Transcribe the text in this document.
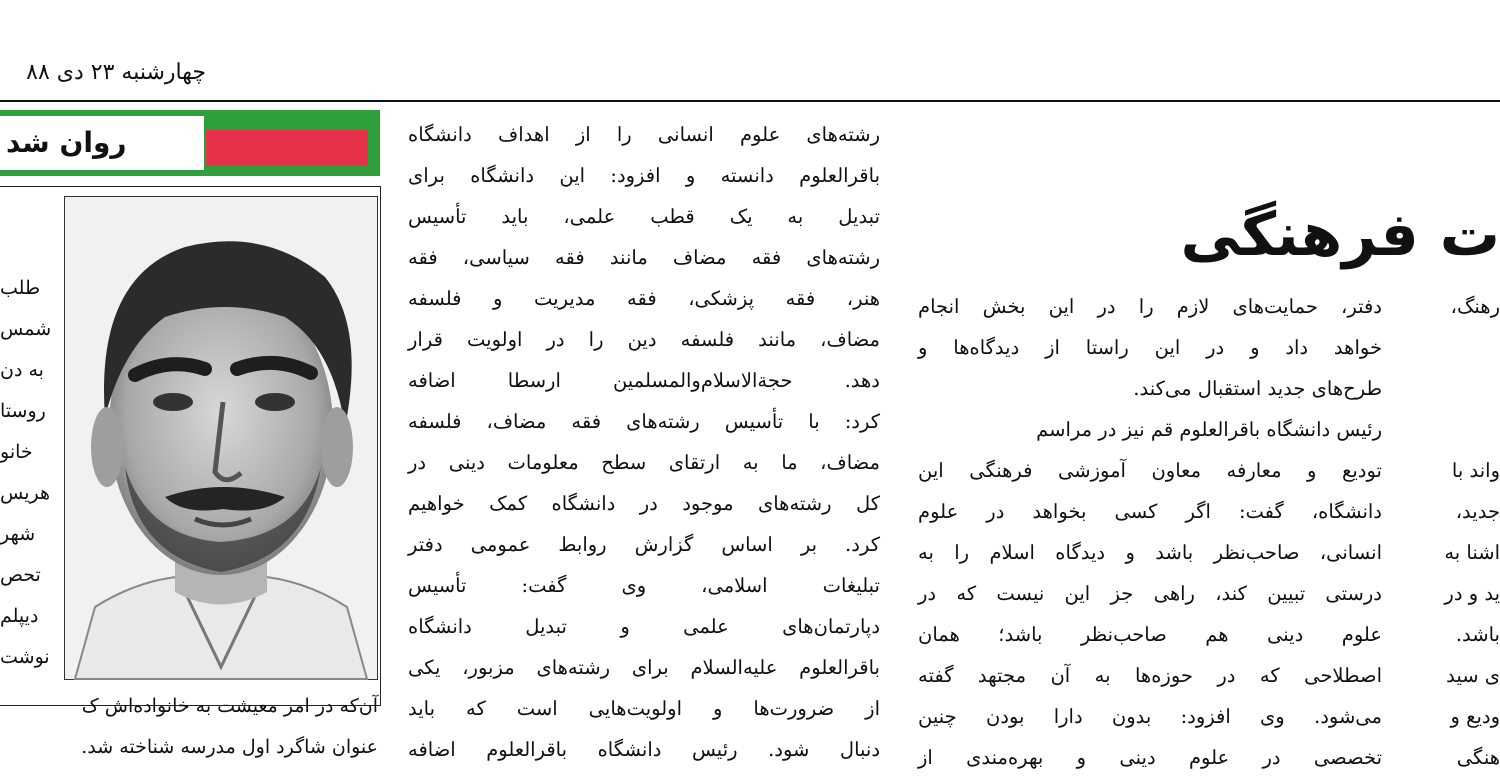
چهارشنبه ۲۳ دی ۸۸
روان شد
طلب
شمس
به دن
روستا
خانو
هریس
شهر
تحص
دیپلم
نوشت
آن‌که در امر معیشت به خانواده‌اش ک
عنوان شاگرد اول مدرسه شناخته شد.
ت فرهنگی
رشته‌های علوم انسانی را از اهداف دانشگاه
باقرالعلوم دانسته و افزود: این دانشگاه برای
تبدیل به یک قطب علمی، باید تأسیس
رشته‌های فقه مضاف مانند فقه سیاسی، فقه
هنر، فقه پزشکی، فقه مدیریت و فلسفه
مضاف، مانند فلسفه دین را در اولویت قرار
دهد. حجةالاسلام‌والمسلمین ارسطا اضافه
کرد: با تأسیس رشته‌های فقه مضاف، فلسفه
مضاف، ما به ارتقای سطح معلومات دینی در
کل رشته‌های موجود در دانشگاه کمک خواهیم
کرد. بر اساس گزارش روابط عمومی دفتر
تبلیغات اسلامی، وی گفت: تأسیس
دپارتمان‌های علمی و تبدیل دانشگاه
باقرالعلوم علیه‌السلام برای رشته‌های مزبور، یکی
از ضرورت‌ها و اولویت‌هایی است که باید
دنبال شود. رئیس دانشگاه باقرالعلوم اضافه
دفتر، حمایت‌های لازم را در این بخش انجام
خواهد داد و در این راستا از دیدگاه‌ها و
طرح‌های جدید استقبال می‌کند.
رئیس دانشگاه باقرالعلوم قم نیز در مراسم
تودیع و معارفه معاون آموزشی فرهنگی این
دانشگاه، گفت: اگر کسی بخواهد در علوم
انسانی، صاحب‌نظر باشد و دیدگاه اسلام را به
درستی تبیین کند، راهی جز این نیست که در
علوم دینی هم صاحب‌نظر باشد؛ همان
اصطلاحی که در حوزه‌ها به آن مجتهد گفته
می‌شود. وی افزود: بدون دارا بودن چنین
تخصصی در علوم دینی و بهره‌مندی از
رهنگ،
واند با
جدید،
اشنا به
ید و در
باشد.
ی سید
ودیع و
هنگی
